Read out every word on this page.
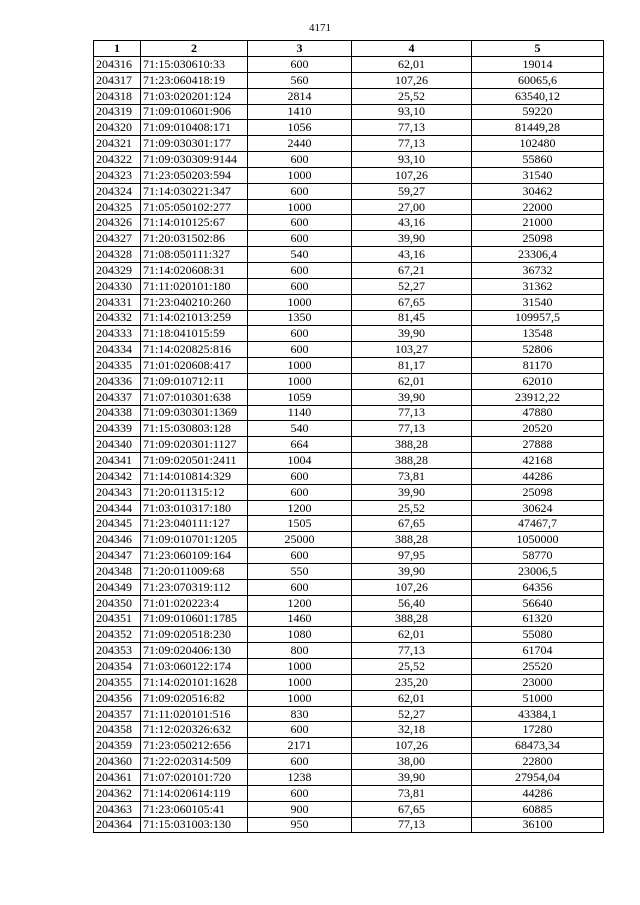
4171
1	2	3	4	5
204316	71:15:030610:33	600	62,01	19014
204317	71:23:060418:19	560	107,26	60065,6
204318	71:03:020201:124	2814	25,52	63540,12
204319	71:09:010601:906	1410	93,10	59220
204320	71:09:010408:171	1056	77,13	81449,28
204321	71:09:030301:177	2440	77,13	102480
204322	71:09:030309:9144	600	93,10	55860
204323	71:23:050203:594	1000	107,26	31540
204324	71:14:030221:347	600	59,27	30462
204325	71:05:050102:277	1000	27,00	22000
204326	71:14:010125:67	600	43,16	21000
204327	71:20:031502:86	600	39,90	25098
204328	71:08:050111:327	540	43,16	23306,4
204329	71:14:020608:31	600	67,21	36732
204330	71:11:020101:180	600	52,27	31362
204331	71:23:040210:260	1000	67,65	31540
204332	71:14:021013:259	1350	81,45	109957,5
204333	71:18:041015:59	600	39,90	13548
204334	71:14:020825:816	600	103,27	52806
204335	71:01:020608:417	1000	81,17	81170
204336	71:09:010712:11	1000	62,01	62010
204337	71:07:010301:638	1059	39,90	23912,22
204338	71:09:030301:1369	1140	77,13	47880
204339	71:15:030803:128	540	77,13	20520
204340	71:09:020301:1127	664	388,28	27888
204341	71:09:020501:2411	1004	388,28	42168
204342	71:14:010814:329	600	73,81	44286
204343	71:20:011315:12	600	39,90	25098
204344	71:03:010317:180	1200	25,52	30624
204345	71:23:040111:127	1505	67,65	47467,7
204346	71:09:010701:1205	25000	388,28	1050000
204347	71:23:060109:164	600	97,95	58770
204348	71:20:011009:68	550	39,90	23006,5
204349	71:23:070319:112	600	107,26	64356
204350	71:01:020223:4	1200	56,40	56640
204351	71:09:010601:1785	1460	388,28	61320
204352	71:09:020518:230	1080	62,01	55080
204353	71:09:020406:130	800	77,13	61704
204354	71:03:060122:174	1000	25,52	25520
204355	71:14:020101:1628	1000	235,20	23000
204356	71:09:020516:82	1000	62,01	51000
204357	71:11:020101:516	830	52,27	43384,1
204358	71:12:020326:632	600	32,18	17280
204359	71:23:050212:656	2171	107,26	68473,34
204360	71:22:020314:509	600	38,00	22800
204361	71:07:020101:720	1238	39,90	27954,04
204362	71:14:020614:119	600	73,81	44286
204363	71:23:060105:41	900	67,65	60885
204364	71:15:031003:130	950	77,13	36100
